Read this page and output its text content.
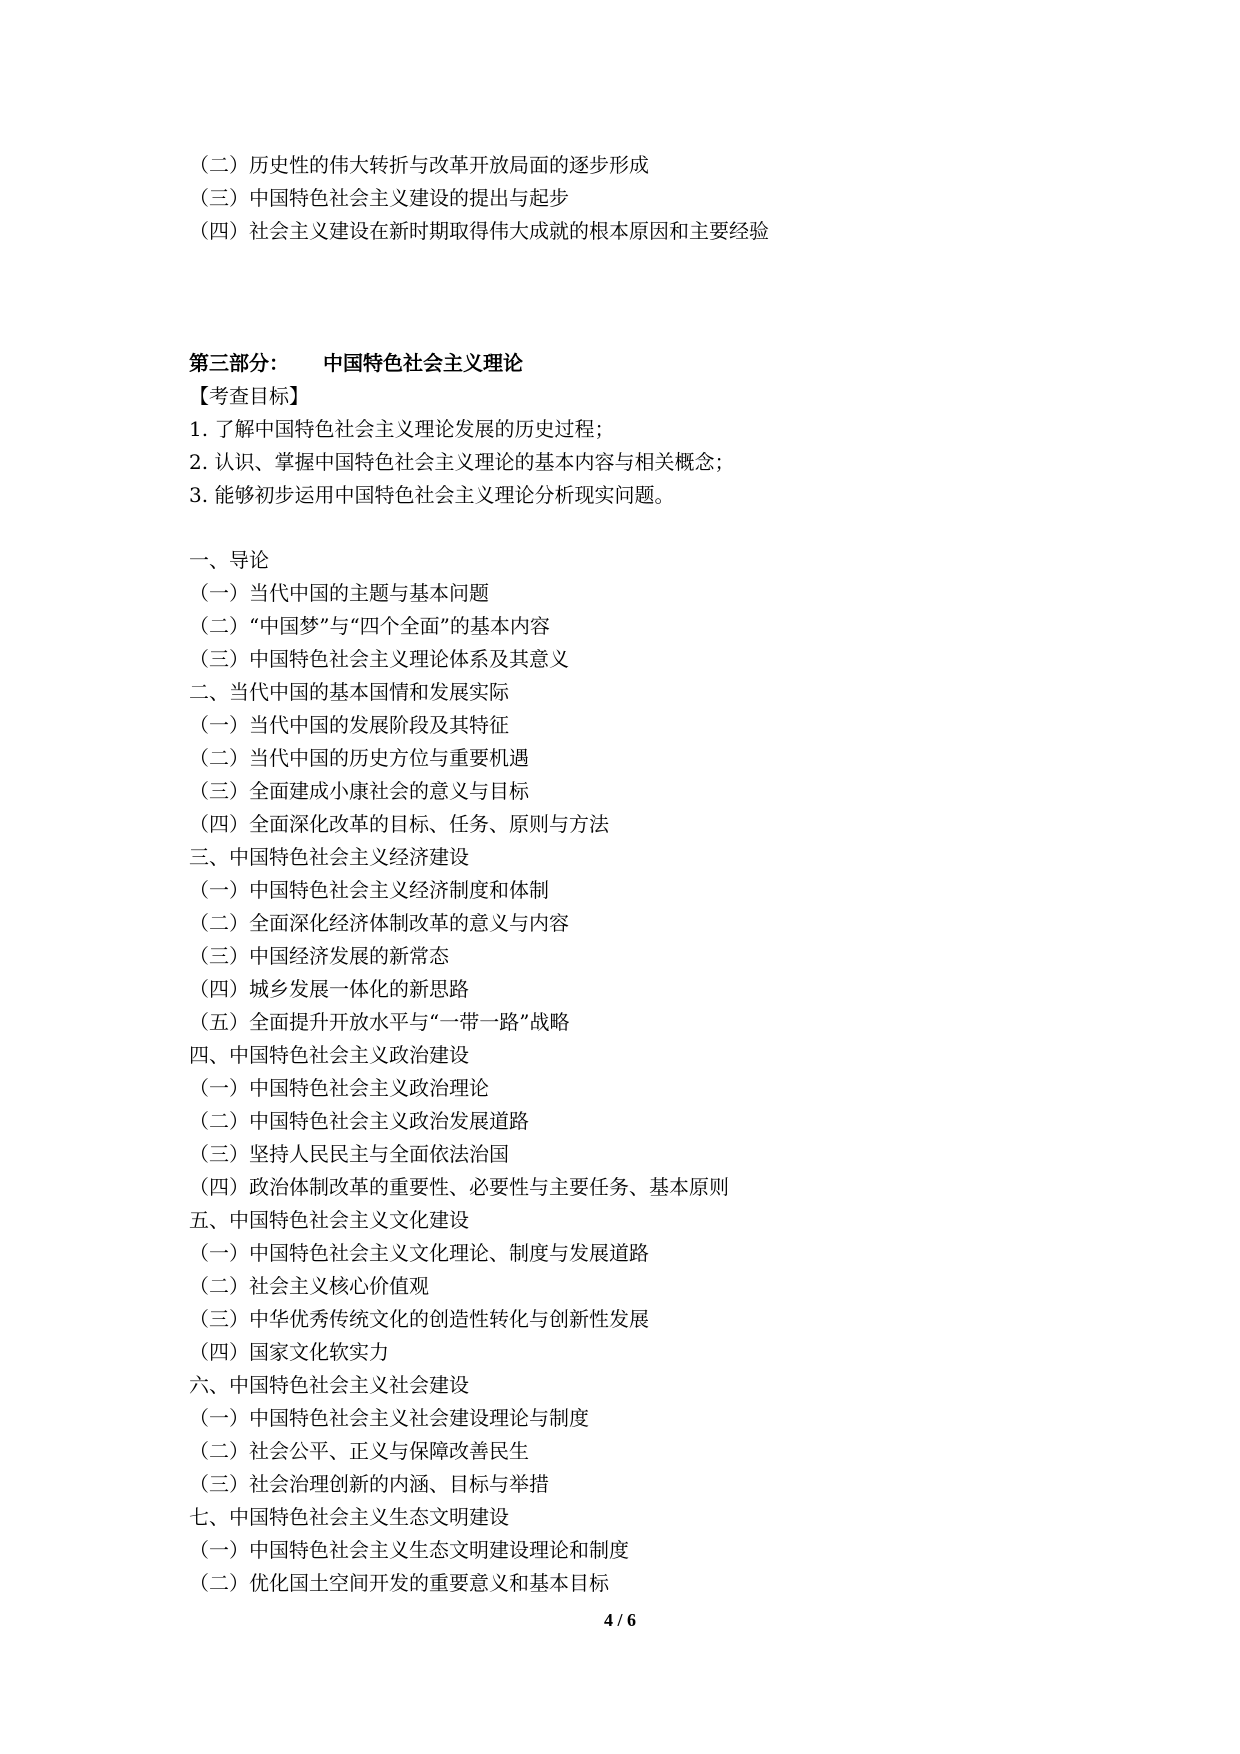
（二）历史性的伟大转折与改革开放局面的逐步形成
（三）中国特色社会主义建设的提出与起步
（四）社会主义建设在新时期取得伟大成就的根本原因和主要经验
第三部分： 中国特色社会主义理论
【考查目标】
1. 了解中国特色社会主义理论发展的历史过程；
2. 认识、掌握中国特色社会主义理论的基本内容与相关概念；
3. 能够初步运用中国特色社会主义理论分析现实问题。
一、导论
（一）当代中国的主题与基本问题
（二）“中国梦”与“四个全面”的基本内容
（三）中国特色社会主义理论体系及其意义
二、当代中国的基本国情和发展实际
（一）当代中国的发展阶段及其特征
（二）当代中国的历史方位与重要机遇
（三）全面建成小康社会的意义与目标
（四）全面深化改革的目标、任务、原则与方法
三、中国特色社会主义经济建设
（一）中国特色社会主义经济制度和体制
（二）全面深化经济体制改革的意义与内容
（三）中国经济发展的新常态
（四）城乡发展一体化的新思路
（五）全面提升开放水平与“一带一路”战略
四、中国特色社会主义政治建设
（一）中国特色社会主义政治理论
（二）中国特色社会主义政治发展道路
（三）坚持人民民主与全面依法治国
（四）政治体制改革的重要性、必要性与主要任务、基本原则
五、中国特色社会主义文化建设
（一）中国特色社会主义文化理论、制度与发展道路
（二）社会主义核心价值观
（三）中华优秀传统文化的创造性转化与创新性发展
（四）国家文化软实力
六、中国特色社会主义社会建设
（一）中国特色社会主义社会建设理论与制度
（二）社会公平、正义与保障改善民生
（三）社会治理创新的内涵、目标与举措
七、中国特色社会主义生态文明建设
（一）中国特色社会主义生态文明建设理论和制度
（二）优化国土空间开发的重要意义和基本目标
4 / 6
